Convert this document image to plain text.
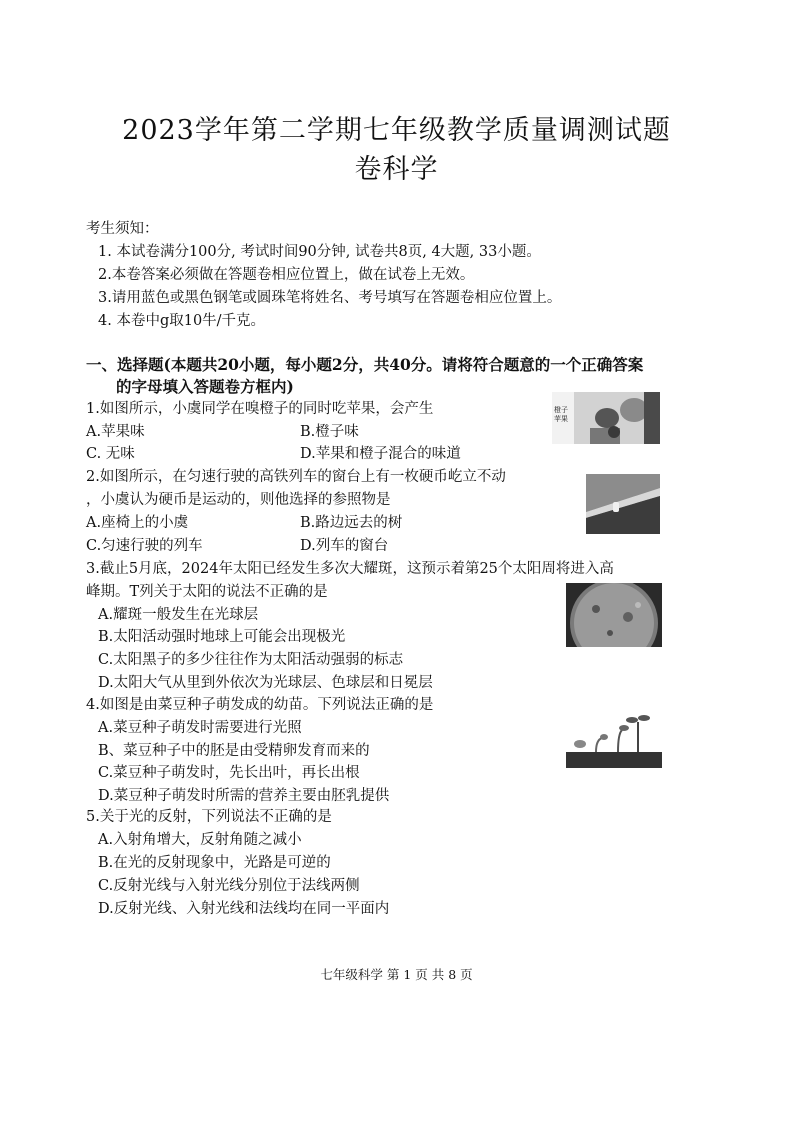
2023学年第二学期七年级教学质量调测试题
卷科学
考生须知：
1. 本试卷满分100分, 考试时间90分钟, 试卷共8页, 4大题, 33小题。
2.本卷答案必须做在答题卷相应位置上，做在试卷上无效。
3.请用蓝色或黑色钢笔或圆珠笔将姓名、考号填写在答题卷相应位置上。
4. 本卷中g取10牛/千克。
一、选择题(本题共20小题，每小题2分，共40分。请将符合题意的一个正确答案
的字母填入答题卷方框内)
1.如图所示，小虞同学在嗅橙子的同时吃苹果，会产生
A.苹果味	B.橙子味
C. 无味	D.苹果和橙子混合的味道
橙子 苹果
2.如图所示，在匀速行驶的高铁列车的窗台上有一枚硬币屹立不动
，小虞认为硬币是运动的，则他选择的参照物是
A.座椅上的小虞	B.路边远去的树
C.匀速行驶的列车	D.列车的窗台
3.截止5月底，2024年太阳已经发生多次大耀斑，这预示着第25个太阳周将进入高
峰期。T列关于太阳的说法不正确的是
A.耀斑一般发生在光球层
B.太阳活动强时地球上可能会出现极光
C.太阳黑子的多少往往作为太阳活动强弱的标志
D.太阳大气从里到外依次为光球层、色球层和日冕层
4.如图是由菜豆种子萌发成的幼苗。下列说法正确的是
A.菜豆种子萌发时需要进行光照
B、菜豆种子中的胚是由受精卵发育而来的
C.菜豆种子萌发时，先长出叶，再长出根
D.菜豆种子萌发时所需的营养主要由胚乳提供
5.关于光的反射，下列说法不正确的是
A.入射角增大，反射角随之减小
B.在光的反射现象中，光路是可逆的
C.反射光线与入射光线分别位于法线两侧
D.反射光线、入射光线和法线均在同一平面内
七年级科学 第 1 页 共 8 页
